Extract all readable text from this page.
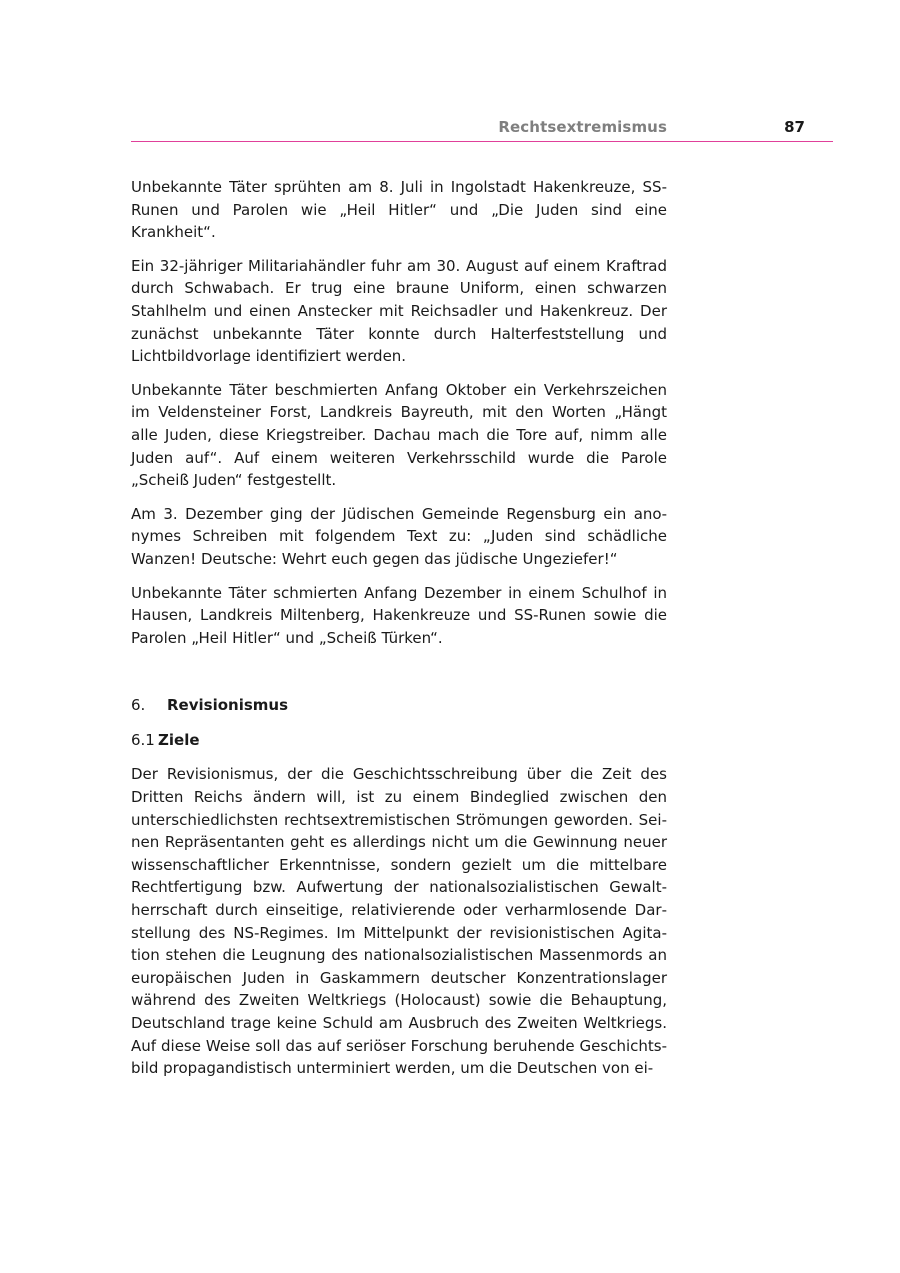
Rechtsextremismus	87

Unbekannte Täter sprühten am 8. Juli in Ingolstadt Hakenkreuze, SS-Runen und Parolen wie „Heil Hitler“ und „Die Juden sind eine Krankheit“.

Ein 32-jähriger Militariahändler fuhr am 30. August auf einem Kraftrad durch Schwabach. Er trug eine braune Uniform, einen schwarzen Stahlhelm und einen Anstecker mit Reichsadler und Hakenkreuz. Der zunächst unbekannte Täter konnte durch Halterfeststellung und Lichtbildvorlage identifiziert werden.

Unbekannte Täter beschmierten Anfang Oktober ein Verkehrszeichen im Veldensteiner Forst, Landkreis Bayreuth, mit den Worten „Hängt alle Juden, diese Kriegstreiber. Dachau mach die Tore auf, nimm alle Juden auf“. Auf einem weiteren Verkehrsschild wurde die Parole „Scheiß Juden“ festgestellt.

Am 3. Dezember ging der Jüdischen Gemeinde Regensburg ein anonymes Schreiben mit folgendem Text zu: „Juden sind schädliche Wanzen! Deutsche: Wehrt euch gegen das jüdische Ungeziefer!“

Unbekannte Täter schmierten Anfang Dezember in einem Schulhof in Hausen, Landkreis Miltenberg, Hakenkreuze und SS-Runen sowie die Parolen „Heil Hitler“ und „Scheiß Türken“.

6.	Revisionismus
6.1 Ziele

Der Revisionismus, der die Geschichtsschreibung über die Zeit des Dritten Reichs ändern will, ist zu einem Bindeglied zwischen den unterschiedlichsten rechtsextremistischen Strömungen geworden. Seinen Repräsentanten geht es allerdings nicht um die Gewinnung neuer wissenschaftlicher Erkenntnisse, sondern gezielt um die mittelbare Rechtfertigung bzw. Aufwertung der nationalsozialistischen Gewaltherrschaft durch einseitige, relativierende oder verharmlosende Darstellung des NS-Regimes. Im Mittelpunkt der revisionistischen Agitation stehen die Leugnung des nationalsozialistischen Massenmords an europäischen Juden in Gaskammern deutscher Konzentrationslager während des Zweiten Weltkriegs (Holocaust) sowie die Behauptung, Deutschland trage keine Schuld am Ausbruch des Zweiten Weltkriegs. Auf diese Weise soll das auf seriöser Forschung beruhende Geschichtsbild propagandistisch unterminiert werden, um die Deutschen von ei-
